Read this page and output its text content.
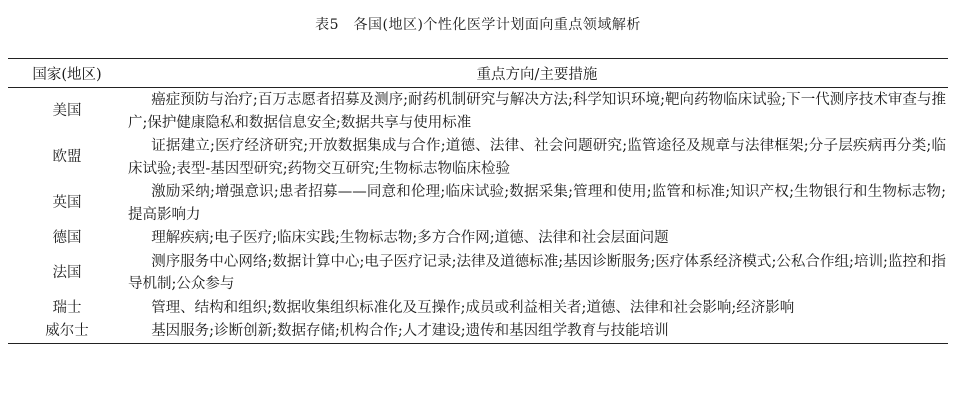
表5　各国(地区)个性化医学计划面向重点领域解析
国家(地区)	重点方向/主要措施
美国	癌症预防与治疗;百万志愿者招募及测序;耐药机制研究与解决方法;科学知识环境;靶向药物临床试验;下一代测序技术审查与推广;保护健康隐私和数据信息安全;数据共享与使用标准
欧盟	证据建立;医疗经济研究;开放数据集成与合作;道德、法律、社会问题研究;监管途径及规章与法律框架;分子层疾病再分类;临床试验;表型-基因型研究;药物交互研究;生物标志物临床检验
英国	激励采纳;增强意识;患者招募——同意和伦理;临床试验;数据采集;管理和使用;监管和标准;知识产权;生物银行和生物标志物;提高影响力
德国	理解疾病;电子医疗;临床实践;生物标志物;多方合作网;道德、法律和社会层面问题
法国	测序服务中心网络;数据计算中心;电子医疗记录;法律及道德标准;基因诊断服务;医疗体系经济模式;公私合作组;培训;监控和指导机制;公众参与
瑞士	管理、结构和组织;数据收集组织标准化及互操作;成员或利益相关者;道德、法律和社会影响;经济影响
威尔士	基因服务;诊断创新;数据存储;机构合作;人才建设;遗传和基因组学教育与技能培训
